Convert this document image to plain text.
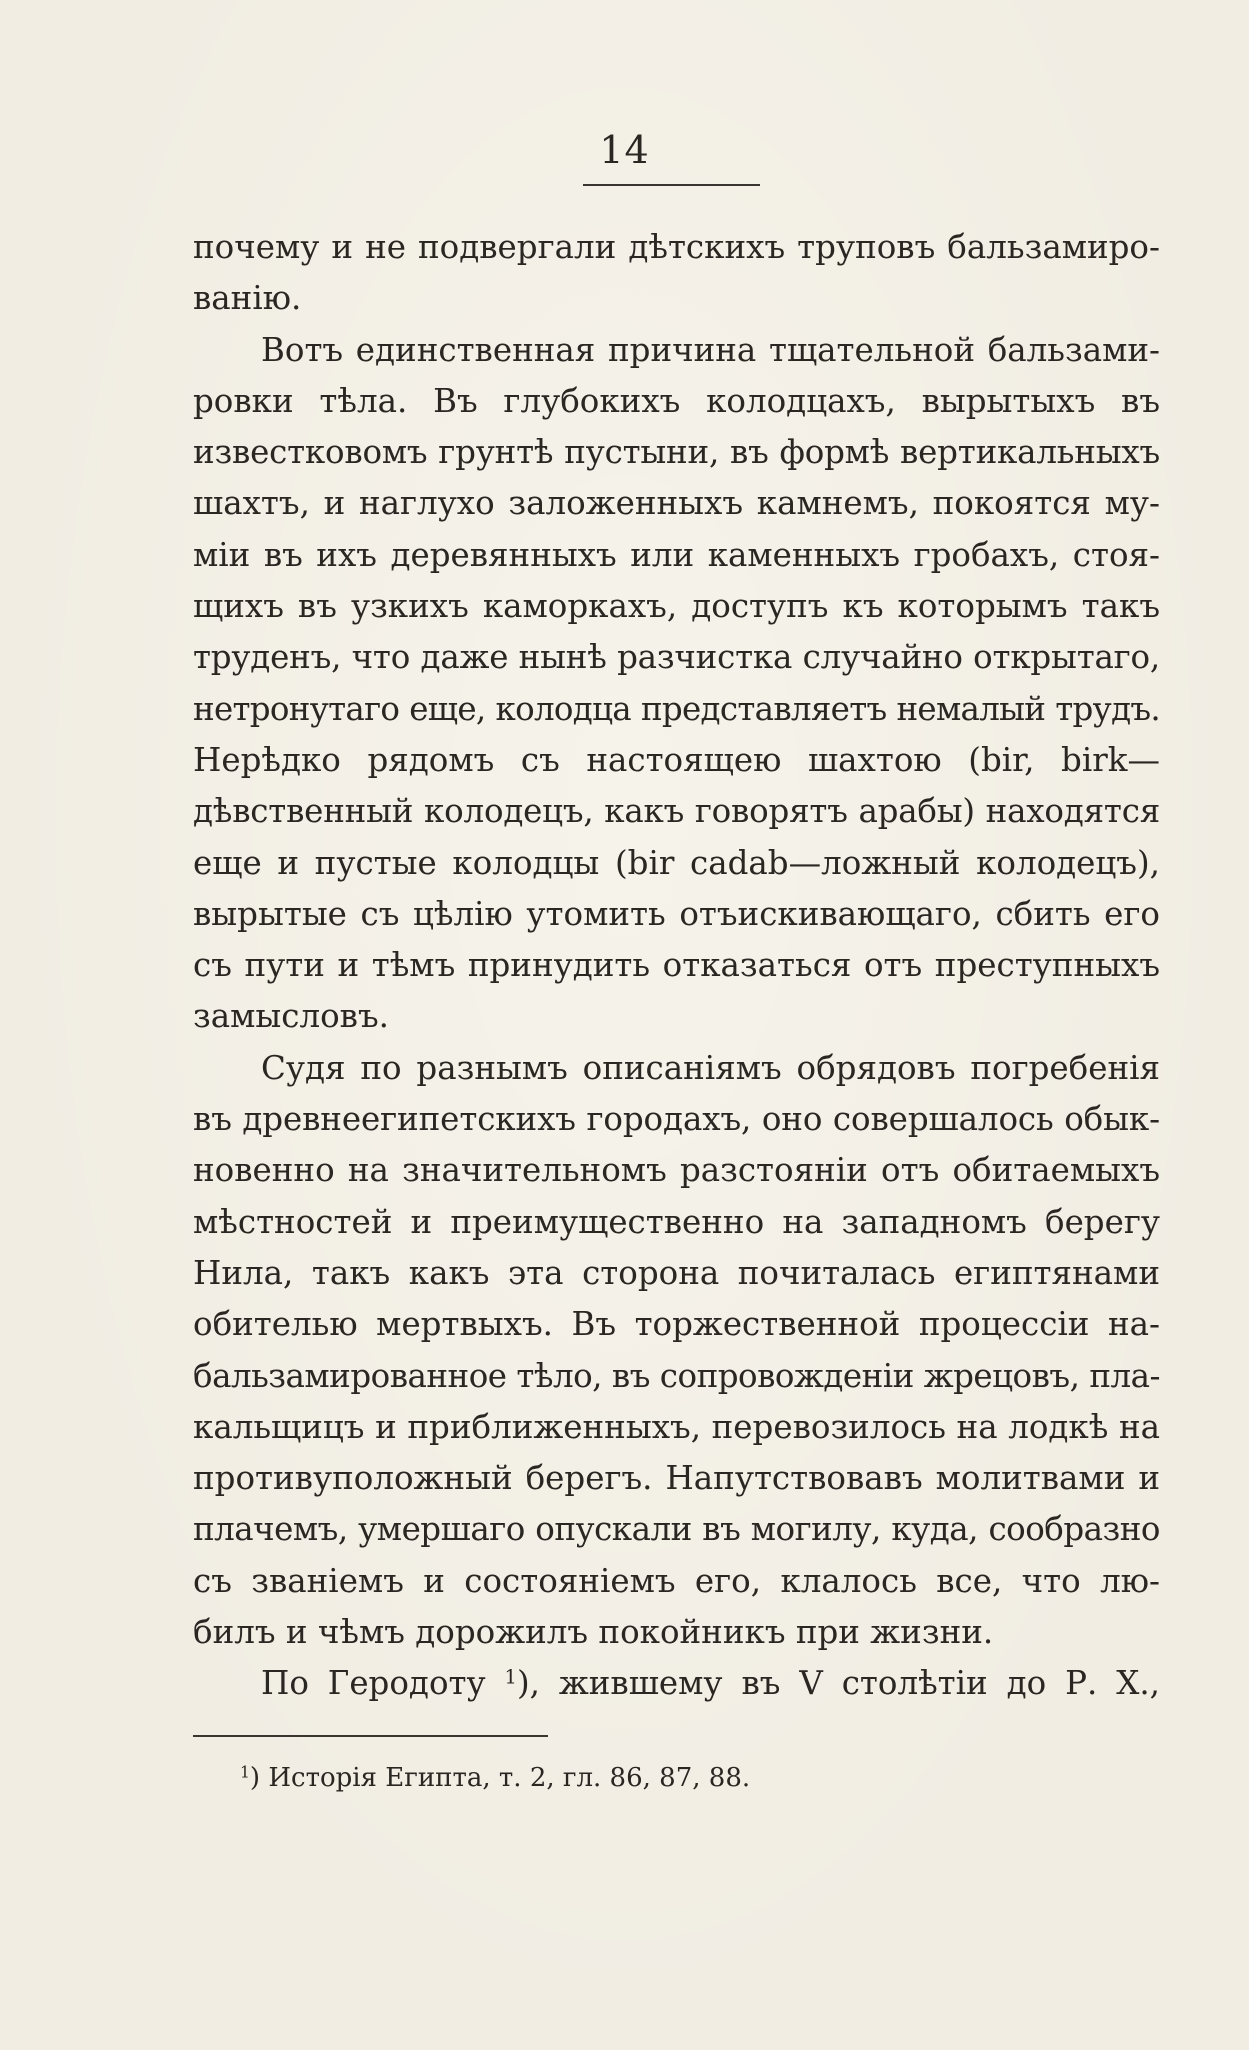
14
почему и не подвергали дѣтскихъ труповъ бальзамиро-
ванію.
Вотъ единственная причина тщательной бальзами-
ровки тѣла. Въ глубокихъ колодцахъ, вырытыхъ въ
известковомъ грунтѣ пустыни, въ формѣ вертикальныхъ
шахтъ, и наглухо заложенныхъ камнемъ, покоятся му-
міи въ ихъ деревянныхъ или каменныхъ гробахъ, стоя-
щихъ въ узкихъ каморкахъ, доступъ къ которымъ такъ
труденъ, что даже нынѣ разчистка случайно открытаго,
нетронутаго еще, колодца представляетъ немалый трудъ.
Нерѣдко рядомъ съ настоящею шахтою (bir, birk—
дѣвственный колодецъ, какъ говорятъ арабы) находятся
еще и пустые колодцы (bir cadab—ложный колодецъ),
вырытые съ цѣлію утомить отъискивающаго, сбить его
съ пути и тѣмъ принудить отказаться отъ преступныхъ
замысловъ.
Судя по разнымъ описаніямъ обрядовъ погребенія
въ древнеегипетскихъ городахъ, оно совершалось обык-
новенно на значительномъ разстояніи отъ обитаемыхъ
мѣстностей и преимущественно на западномъ берегу
Нила, такъ какъ эта сторона почиталась египтянами
обителью мертвыхъ. Въ торжественной процессіи на-
бальзамированное тѣло, въ сопровожденіи жрецовъ, пла-
кальщицъ и приближенныхъ, перевозилось на лодкѣ на
противуположный берегъ. Напутствовавъ молитвами и
плачемъ, умершаго опускали въ могилу, куда, сообразно
съ званіемъ и состояніемъ его, клалось все, что лю-
билъ и чѣмъ дорожилъ покойникъ при жизни.
По Геродоту $^1$), жившему въ V столѣтіи до Р. Х.,
$^1$) Исторія Египта, т. 2, гл. 86, 87, 88.
